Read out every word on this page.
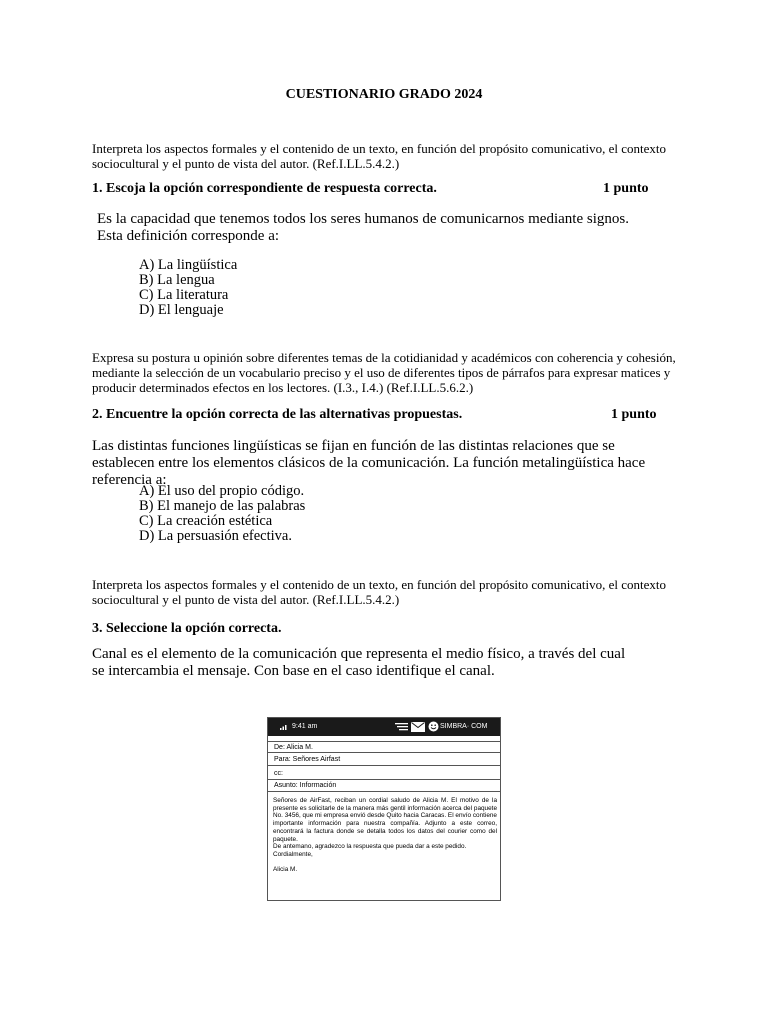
CUESTIONARIO GRADO 2024
Interpreta los aspectos formales y el contenido de un texto, en función del propósito comunicativo, el contexto sociocultural y el punto de vista del autor. (Ref.I.LL.5.4.2.)
1. Escoja la opción correspondiente de respuesta correcta.	1 punto
Es la capacidad que tenemos todos los seres humanos de comunicarnos mediante signos.
Esta definición corresponde a:
A) La lingüística
B) La lengua
C) La literatura
D) El lenguaje
Expresa su postura u opinión sobre diferentes temas de la cotidianidad y académicos con coherencia y cohesión, mediante la selección de un vocabulario preciso y el uso de diferentes tipos de párrafos para expresar matices y producir determinados efectos en los lectores. (I.3., I.4.) (Ref.I.LL.5.6.2.)
2. Encuentre la opción correcta de las alternativas propuestas.	1 punto
Las distintas funciones lingüísticas se fijan en función de las distintas relaciones que se establecen entre los elementos clásicos de la comunicación. La función metalingüística hace referencia a:
A) El uso del propio código.
B) El manejo de las palabras
C) La creación estética
D) La persuasión efectiva.
Interpreta los aspectos formales y el contenido de un texto, en función del propósito comunicativo, el contexto sociocultural y el punto de vista del autor. (Ref.I.LL.5.4.2.)
3. Seleccione la opción correcta.
Canal es el elemento de la comunicación que representa el medio físico, a través del cual se intercambia el mensaje. Con base en el caso identifique el canal.
9:41 am	SIMBRA· COM
De: Alicia M.
Para: Señores Airfast
cc:
Asunto: Información

Señores de AirFast, reciban un cordial saludo de Alicia M. El motivo de la presente es solicitarle de la manera más gentil información acerca del paquete No. 3456, que mi empresa envió desde Quito hacia Caracas. El envío contiene importante información para nuestra compañía. Adjunto a este correo, encontrará la factura donde se detalla todos los datos del courier como del paquete.

De antemano, agradezco la respuesta que pueda dar a este pedido.

Cordialmente,

Alicia M.
